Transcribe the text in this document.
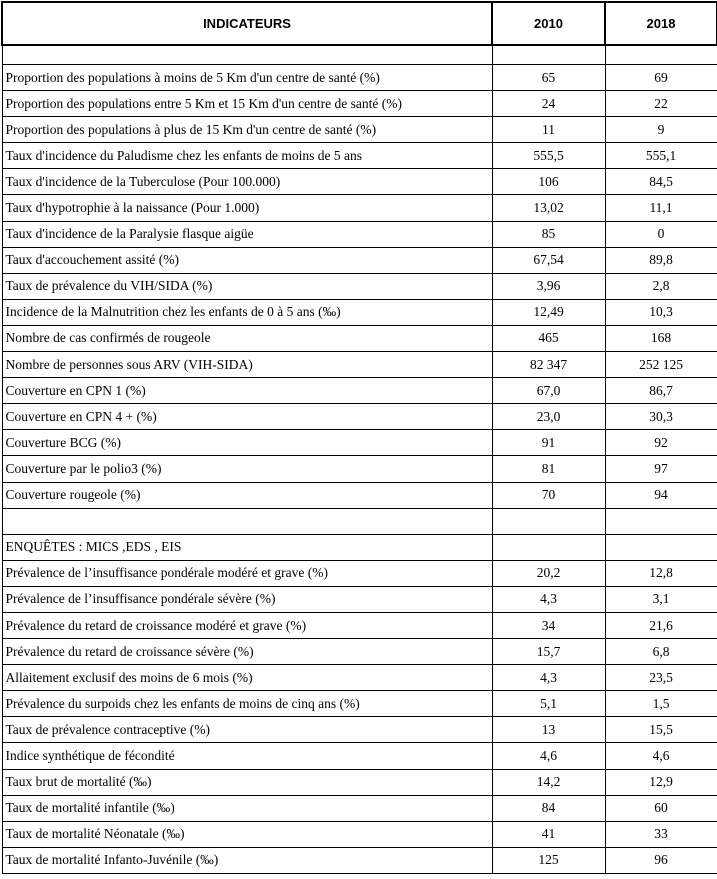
INDICATEURS	2010	2018

Proportion des populations à moins de 5 Km d'un centre de santé (%)	65	69
Proportion des populations entre 5 Km et 15 Km d'un centre de santé (%)	24	22
Proportion des populations à plus de 15 Km d'un centre de santé (%)	11	9
Taux d'incidence du Paludisme chez les enfants de moins de 5 ans	555,5	555,1
Taux d'incidence de la Tuberculose (Pour 100.000)	106	84,5
Taux d'hypotrophie à la naissance (Pour 1.000)	13,02	11,1
Taux d'incidence de la Paralysie flasque aigüe	85	0
Taux d'accouchement assité (%)	67,54	89,8
Taux de prévalence du VIH/SIDA (%)	3,96	2,8
Incidence de la Malnutrition chez les enfants de 0 à 5 ans (‰)	12,49	10,3
Nombre de cas confirmés de rougeole	465	168
Nombre de personnes sous ARV (VIH-SIDA)	82 347	252 125
Couverture en CPN 1 (%)	67,0	86,7
Couverture en CPN 4 + (%)	23,0	30,3
Couverture BCG (%)	91	92
Couverture par le polio3 (%)	81	97
Couverture rougeole (%)	70	94

ENQUÊTES : MICS ,EDS , EIS		
Prévalence de l’insuffisance pondérale modéré et grave (%)	20,2	12,8
Prévalence de l’insuffisance pondérale sévère (%)	4,3	3,1
Prévalence du retard de croissance modéré et grave (%)	34	21,6
Prévalence du retard de croissance sévère (%)	15,7	6,8
Allaitement exclusif des moins de 6 mois (%)	4,3	23,5
Prévalence du surpoids chez les enfants de moins de cinq ans (%)	5,1	1,5
Taux de prévalence contraceptive (%)	13	15,5
Indice synthétique de fécondité	4,6	4,6
Taux brut de mortalité (‰)	14,2	12,9
Taux de mortalité infantile (‰)	84	60
Taux de mortalité Néonatale (‰)	41	33
Taux de mortalité Infanto-Juvénile (‰)	125	96
